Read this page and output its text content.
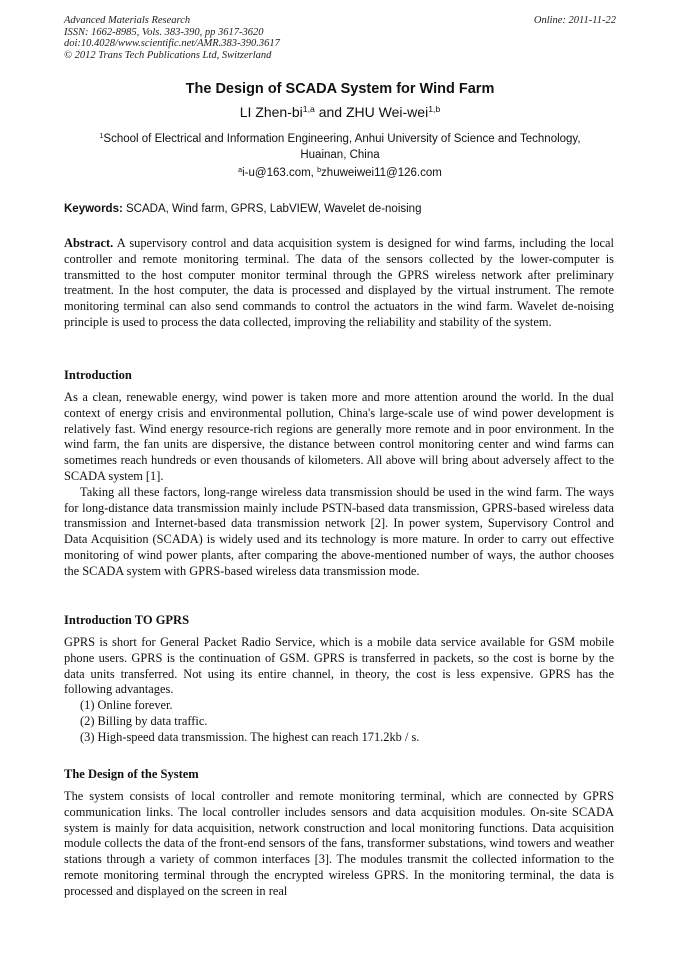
Advanced Materials Research
ISSN: 1662-8985, Vols. 383-390, pp 3617-3620
doi:10.4028/www.scientific.net/AMR.383-390.3617
© 2012 Trans Tech Publications Ltd, Switzerland
Online: 2011-11-22
The Design of SCADA System for Wind Farm
LI Zhen-bi$^{1,a}$ and ZHU Wei-wei$^{1,b}$
$^1$School of Electrical and Information Engineering, Anhui University of Science and Technology, Huainan, China
$^a$i-u@163.com, $^b$zhuweiwei11@126.com
Keywords: SCADA, Wind farm, GPRS, LabVIEW, Wavelet de-noising

Abstract. A supervisory control and data acquisition system is designed for wind farms, including the local controller and remote monitoring terminal. The data of the sensors collected by the lower-computer is transmitted to the host computer monitor terminal through the GPRS wireless network after preliminary treatment. In the host computer, the data is processed and displayed by the virtual instrument. The remote monitoring terminal can also send commands to control the actuators in the wind farm. Wavelet de-noising principle is used to process the data collected, improving the reliability and stability of the system.

Introduction

As a clean, renewable energy, wind power is taken more and more attention around the world. In the dual context of energy crisis and environmental pollution, China's large-scale use of wind power development is relatively fast. Wind energy resource-rich regions are generally more remote and in poor environment. In the wind farm, the fan units are dispersive, the distance between control monitoring center and wind farms can sometimes reach hundreds or even thousands of kilometers. All above will bring about adversely affect to the SCADA system [1].

Taking all these factors, long-range wireless data transmission should be used in the wind farm. The ways for long-distance data transmission mainly include PSTN-based data transmission, GPRS-based wireless data transmission and Internet-based data transmission network [2]. In power system, Supervisory Control and Data Acquisition (SCADA) is widely used and its technology is more mature. In order to carry out effective monitoring of wind power plants, after comparing the above-mentioned number of ways, the author chooses the SCADA system with GPRS-based wireless data transmission mode.

Introduction TO GPRS

GPRS is short for General Packet Radio Service, which is a mobile data service available for GSM mobile phone users. GPRS is the continuation of GSM. GPRS is transferred in packets, so the cost is borne by the data units transferred. Not using its entire channel, in theory, the cost is less expensive. GPRS has the following advantages.

(1) Online forever.
(2) Billing by data traffic.
(3) High-speed data transmission. The highest can reach 171.2kb / s.
The Design of the System

The system consists of local controller and remote monitoring terminal, which are connected by GPRS communication links. The local controller includes sensors and data acquisition modules. On-site SCADA system is mainly for data acquisition, network construction and local monitoring functions. Data acquisition module collects the data of the front-end sensors of the fans, transformer substations, wind towers and weather stations through a variety of common interfaces [3]. The modules transmit the collected information to the remote monitoring terminal through the encrypted wireless GPRS. In the monitoring terminal, the data is processed and displayed on the screen in real
